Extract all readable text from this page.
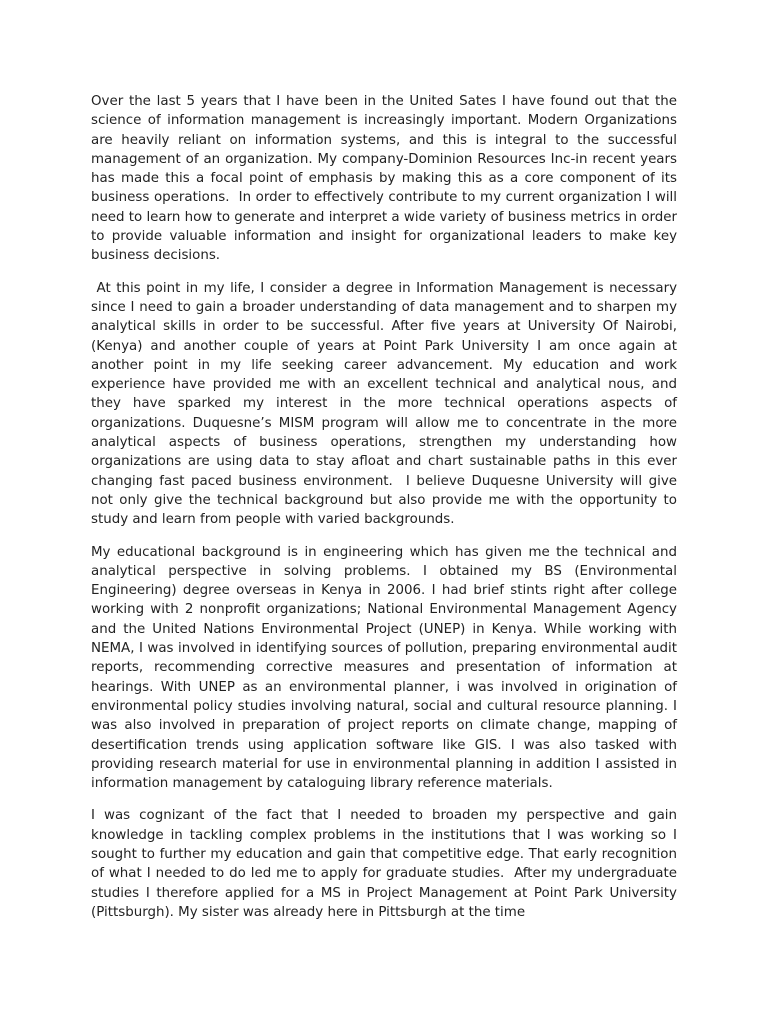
Over the last 5 years that I have been in the United Sates I have found out that the science of information management is increasingly important. Modern Organizations are heavily reliant on information systems, and this is integral to the successful management of an organization. My company-Dominion Resources Inc-in recent years has made this a focal point of emphasis by making this as a core component of its business operations.  In order to effectively contribute to my current organization I will need to learn how to generate and interpret a wide variety of business metrics in order to provide valuable information and insight for organizational leaders to make key business decisions.

At this point in my life, I consider a degree in Information Management is necessary since I need to gain a broader understanding of data management and to sharpen my analytical skills in order to be successful. After five years at University Of Nairobi, (Kenya) and another couple of years at Point Park University I am once again at another point in my life seeking career advancement. My education and work experience have provided me with an excellent technical and analytical nous, and they have sparked my interest in the more technical operations aspects of organizations. Duquesne’s MISM program will allow me to concentrate in the more analytical aspects of business operations, strengthen my understanding how organizations are using data to stay afloat and chart sustainable paths in this ever changing fast paced business environment.  I believe Duquesne University will give not only give the technical background but also provide me with the opportunity to study and learn from people with varied backgrounds.

My educational background is in engineering which has given me the technical and analytical perspective in solving problems. I obtained my BS (Environmental Engineering) degree overseas in Kenya in 2006. I had brief stints right after college working with 2 nonprofit organizations; National Environmental Management Agency and the United Nations Environmental Project (UNEP) in Kenya. While working with NEMA, I was involved in identifying sources of pollution, preparing environmental audit reports, recommending corrective measures and presentation of information at hearings. With UNEP as an environmental planner, i was involved in origination of environmental policy studies involving natural, social and cultural resource planning. I was also involved in preparation of project reports on climate change, mapping of desertification trends using application software like GIS. I was also tasked with providing research material for use in environmental planning in addition I assisted in information management by cataloguing library reference materials.

I was cognizant of the fact that I needed to broaden my perspective and gain knowledge in tackling complex problems in the institutions that I was working so I sought to further my education and gain that competitive edge. That early recognition of what I needed to do led me to apply for graduate studies.  After my undergraduate studies I therefore applied for a MS in Project Management at Point Park University (Pittsburgh). My sister was already here in Pittsburgh at the time
